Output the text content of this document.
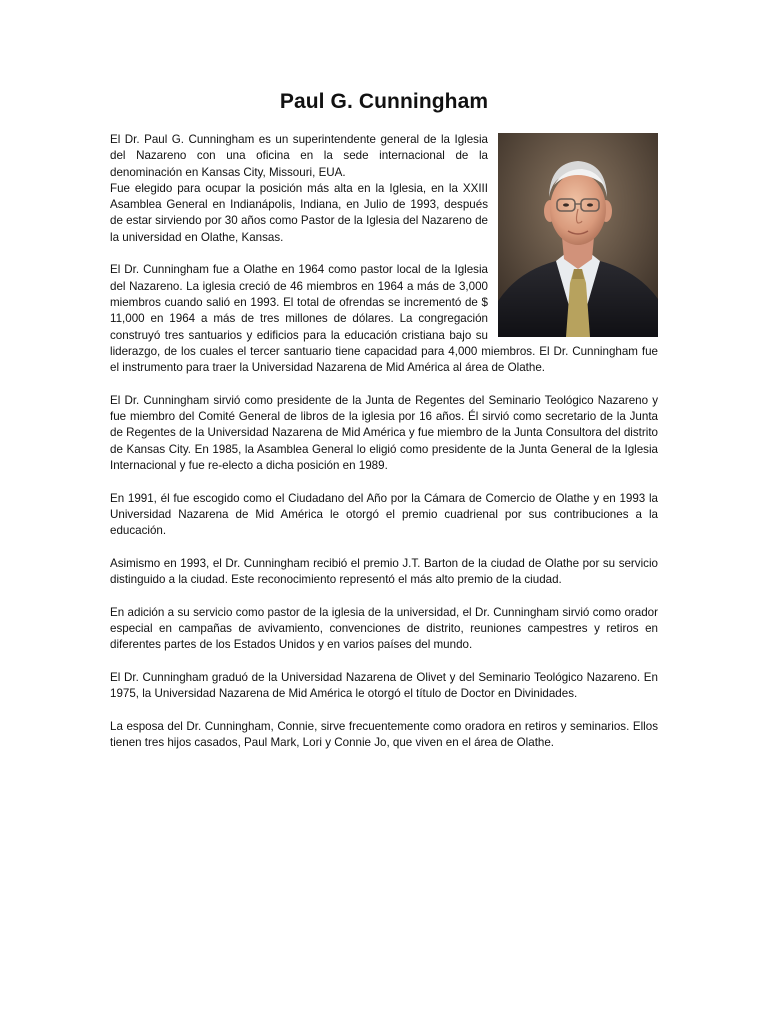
Paul G. Cunningham

El Dr. Paul G. Cunningham es un superintendente general de la Iglesia del Nazareno con una oficina en la sede internacional de la denominación en Kansas City, Missouri, EUA.

Fue elegido para ocupar la posición más alta en la Iglesia, en la XXIII Asamblea General en Indianápolis, Indiana, en Julio de 1993, después de estar sirviendo por 30 años como Pastor de la Iglesia del Nazareno de la universidad en Olathe, Kansas.

El Dr. Cunningham fue a Olathe en 1964 como pastor local de la Iglesia del Nazareno. La iglesia creció de 46 miembros en 1964 a más de 3,000 miembros cuando salió en 1993. El total de ofrendas se incrementó de $ 11,000 en 1964 a más de tres millones de dólares. La congregación construyó tres santuarios y edificios para la educación cristiana bajo su liderazgo, de los cuales el tercer santuario tiene capacidad para 4,000 miembros. El Dr. Cunningham fue el instrumento para traer la Universidad Nazarena de Mid América al área de Olathe.

El Dr. Cunningham sirvió como presidente de la Junta de Regentes del Seminario Teológico Nazareno y fue miembro del Comité General de libros de la iglesia por 16 años. Él sirvió como secretario de la Junta de Regentes de la Universidad Nazarena de Mid América y fue miembro de la Junta Consultora del distrito de Kansas City. En 1985, la Asamblea General lo eligió como presidente de la Junta General de la Iglesia Internacional y fue re-electo a dicha posición en 1989.

En 1991, él fue escogido como el Ciudadano del Año por la Cámara de Comercio de Olathe y en 1993 la Universidad Nazarena de Mid América le otorgó el premio cuadrienal por sus contribuciones a la educación.

Asimismo en 1993, el Dr. Cunningham recibió el premio J.T. Barton de la ciudad de Olathe por su servicio distinguido a la ciudad. Este reconocimiento representó el más alto premio de la ciudad.

En adición a su servicio como pastor de la iglesia de la universidad, el Dr. Cunningham sirvió como orador especial en campañas de avivamiento, convenciones de distrito, reuniones campestres y retiros en diferentes partes de los Estados Unidos y en varios países del mundo.

El Dr. Cunningham graduó de la Universidad Nazarena de Olivet y del Seminario Teológico Nazareno. En 1975, la Universidad Nazarena de Mid América le otorgó el título de Doctor en Divinidades.

La esposa del Dr. Cunningham, Connie, sirve frecuentemente como oradora en retiros y seminarios. Ellos tienen tres hijos casados, Paul Mark, Lori y Connie Jo, que viven en el área de Olathe.
